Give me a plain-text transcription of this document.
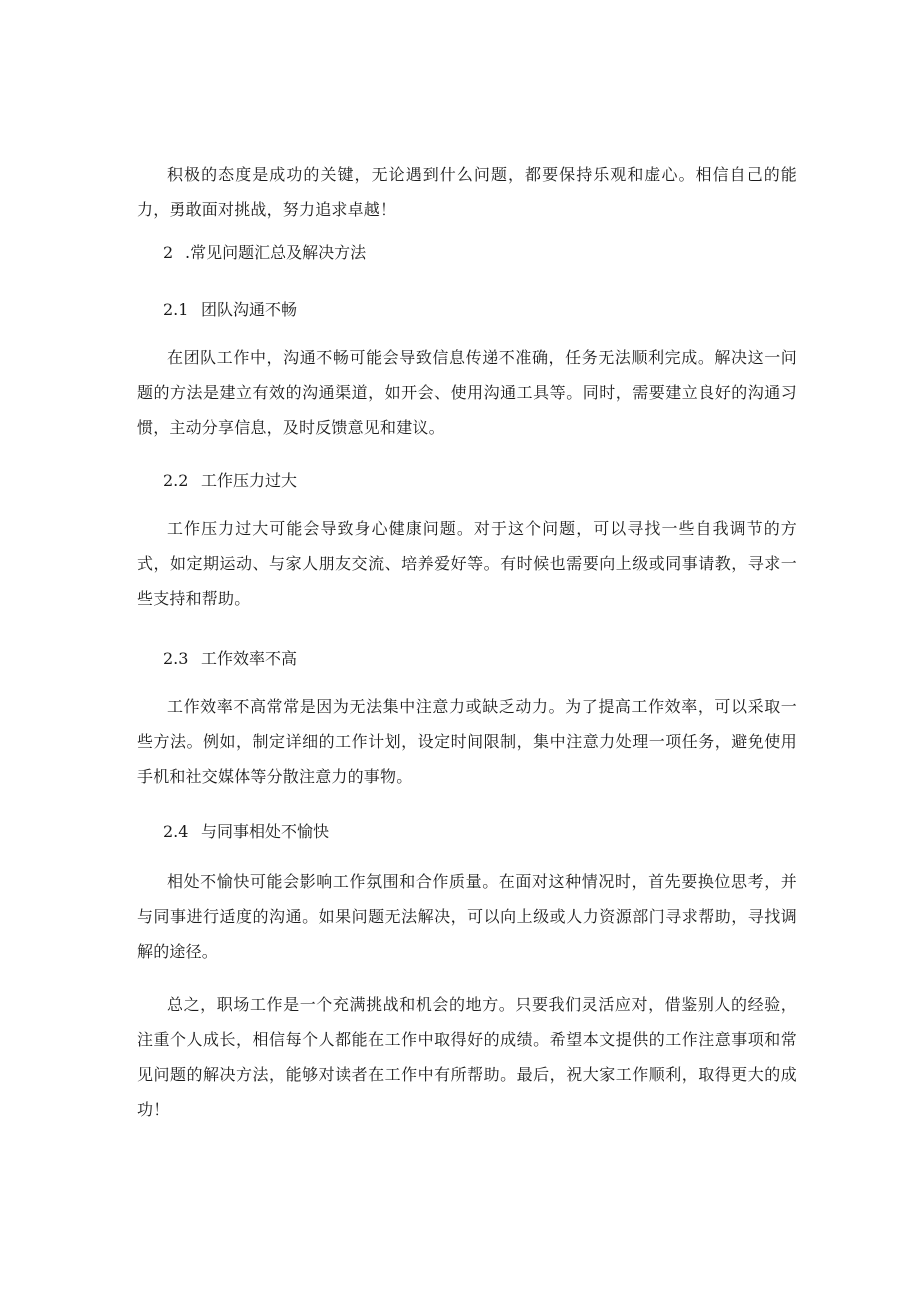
积极的态度是成功的关键，无论遇到什么问题，都要保持乐观和虚心。相信自己的能力，勇敢面对挑战，努力追求卓越！

2 .常见问题汇总及解决方法
2.1 团队沟通不畅

在团队工作中，沟通不畅可能会导致信息传递不准确，任务无法顺利完成。解决这一问题的方法是建立有效的沟通渠道，如开会、使用沟通工具等。同时，需要建立良好的沟通习惯，主动分享信息，及时反馈意见和建议。

2.2 工作压力过大

工作压力过大可能会导致身心健康问题。对于这个问题，可以寻找一些自我调节的方式，如定期运动、与家人朋友交流、培养爱好等。有时候也需要向上级或同事请教，寻求一些支持和帮助。

2.3 工作效率不高

工作效率不高常常是因为无法集中注意力或缺乏动力。为了提高工作效率，可以采取一些方法。例如，制定详细的工作计划，设定时间限制，集中注意力处理一项任务，避免使用手机和社交媒体等分散注意力的事物。

2.4 与同事相处不愉快

相处不愉快可能会影响工作氛围和合作质量。在面对这种情况时，首先要换位思考，并与同事进行适度的沟通。如果问题无法解决，可以向上级或人力资源部门寻求帮助，寻找调解的途径。

总之，职场工作是一个充满挑战和机会的地方。只要我们灵活应对，借鉴别人的经验，注重个人成长，相信每个人都能在工作中取得好的成绩。希望本文提供的工作注意事项和常见问题的解决方法，能够对读者在工作中有所帮助。最后，祝大家工作顺利，取得更大的成功！
